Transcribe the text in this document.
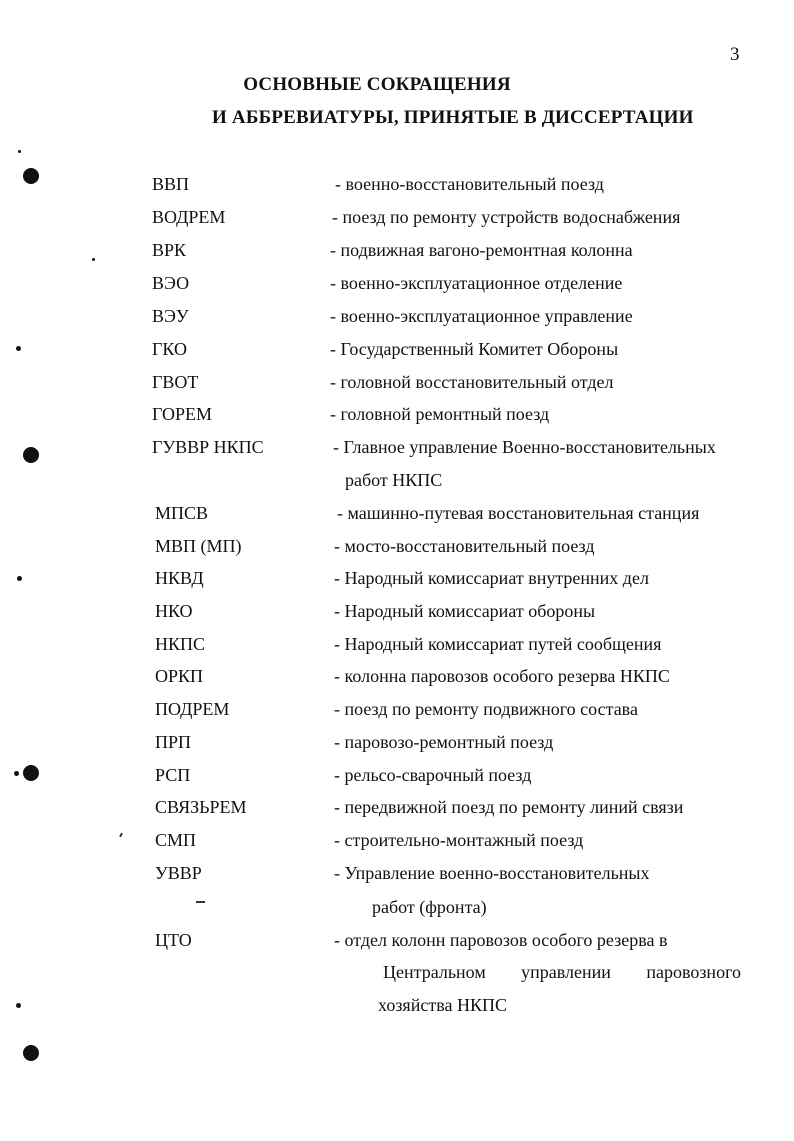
3
ОСНОВНЫЕ СОКРАЩЕНИЯ
И АББРЕВИАТУРЫ, ПРИНЯТЫЕ В ДИССЕРТАЦИИ
ВВП	- военно-восстановительный поезд
ВОДРЕМ	- поезд по ремонту устройств водоснабжения
ВРК	- подвижная вагоно-ремонтная колонна
ВЭО	- военно-эксплуатационное отделение
ВЭУ	- военно-эксплуатационное управление
ГКО	- Государственный Комитет Обороны
ГВОТ	- головной восстановительный отдел
ГОРЕМ	- головной ремонтный поезд
ГУВВР НКПС	- Главное управление Военно-восстановительных
работ НКПС
МПСВ	- машинно-путевая восстановительная станция
МВП (МП)	- мосто-восстановительный поезд
НКВД	- Народный комиссариат внутренних дел
НКО	- Народный комиссариат обороны
НКПС	- Народный комиссариат путей сообщения
ОРКП	- колонна паровозов особого резерва НКПС
ПОДРЕМ	- поезд по ремонту подвижного состава
ПРП	- паровозо-ремонтный поезд
РСП	- рельсо-сварочный поезд
СВЯЗЬРЕМ	- передвижной поезд по ремонту линий связи
СМП	- строительно-монтажный поезд
УВВР	- Управление военно-восстановительных
работ (фронта)
ЦТО	- отдел колонн паровозов особого резерва в
Центральном управлении паровозного
хозяйства НКПС
